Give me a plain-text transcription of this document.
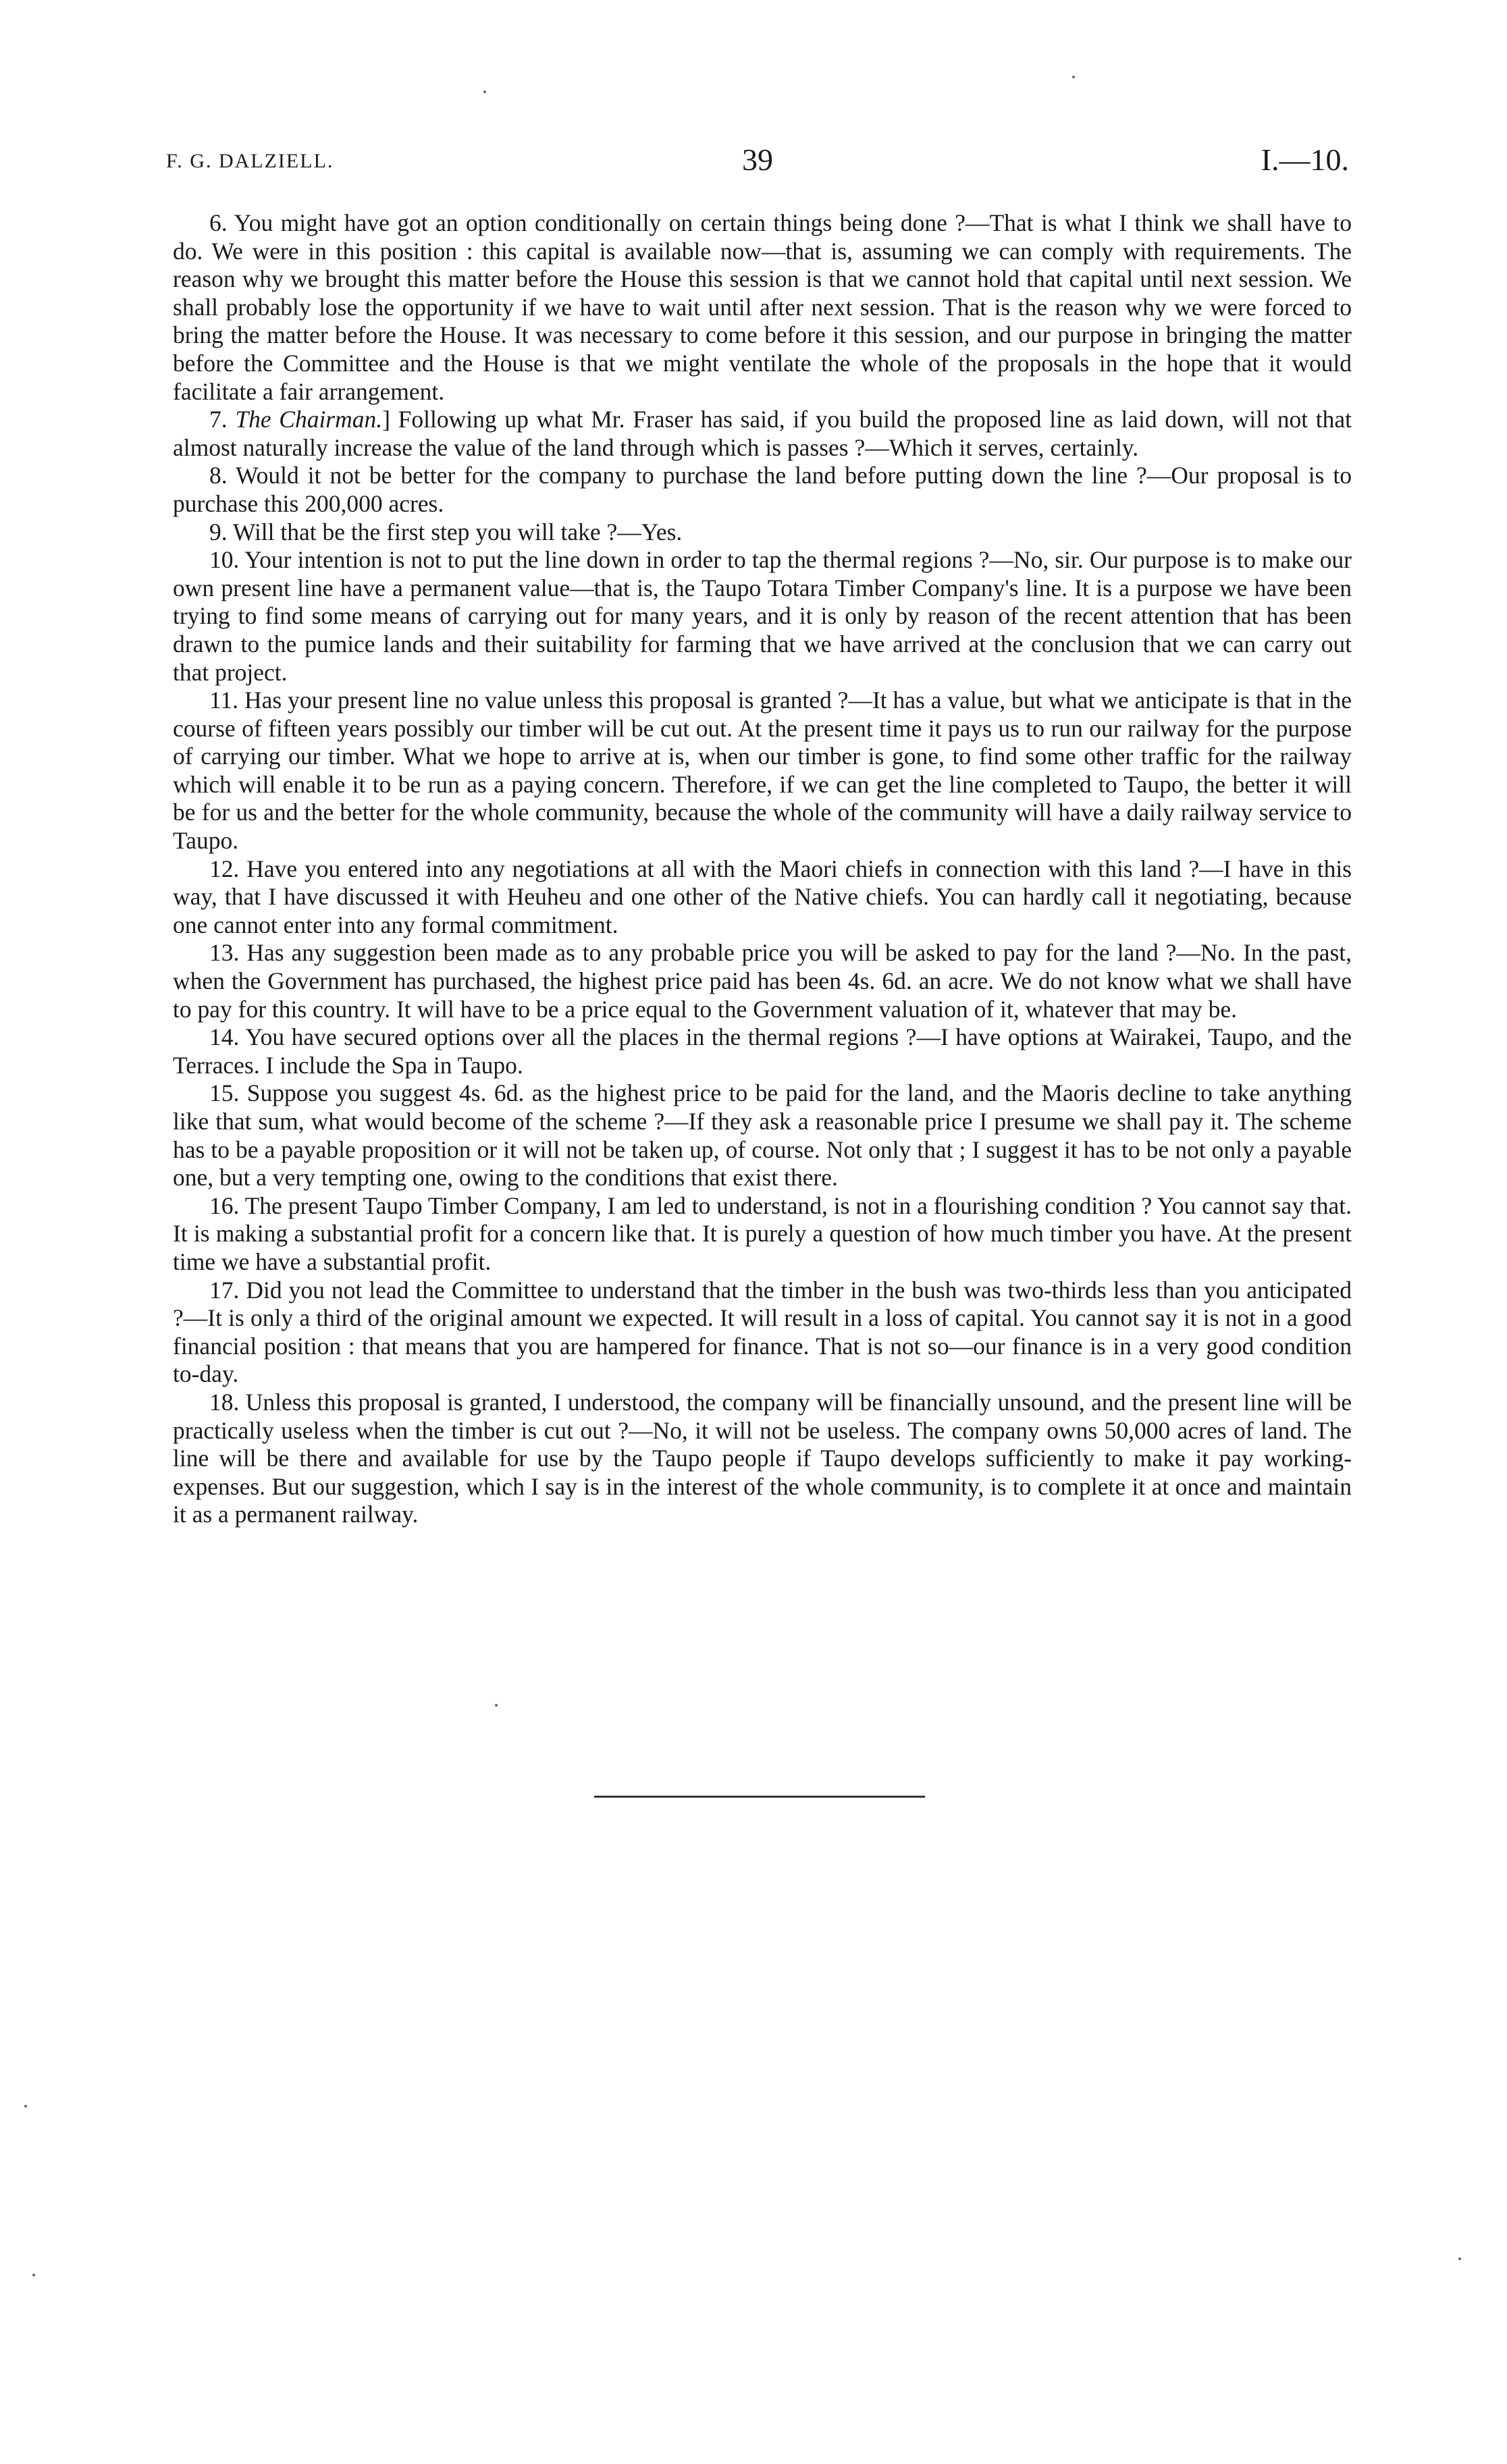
F. G. DALZIELL.	39	I.—10.

6. You might have got an option conditionally on certain things being done ?—That is what I think we shall have to do. We were in this position : this capital is available now—that is, assuming we can comply with requirements. The reason why we brought this matter before the House this session is that we cannot hold that capital until next session. We shall probably lose the opportunity if we have to wait until after next session. That is the reason why we were forced to bring the matter before the House. It was necessary to come before it this session, and our purpose in bringing the matter before the Committee and the House is that we might ventilate the whole of the proposals in the hope that it would facilitate a fair arrangement.

7. The Chairman.] Following up what Mr. Fraser has said, if you build the proposed line as laid down, will not that almost naturally increase the value of the land through which is passes ?—Which it serves, certainly.

8. Would it not be better for the company to purchase the land before putting down the line ?—Our proposal is to purchase this 200,000 acres.

9. Will that be the first step you will take ?—Yes.

10. Your intention is not to put the line down in order to tap the thermal regions ?—No, sir. Our purpose is to make our own present line have a permanent value—that is, the Taupo Totara Timber Company's line. It is a purpose we have been trying to find some means of carrying out for many years, and it is only by reason of the recent attention that has been drawn to the pumice lands and their suitability for farming that we have arrived at the conclusion that we can carry out that project.

11. Has your present line no value unless this proposal is granted ?—It has a value, but what we anticipate is that in the course of fifteen years possibly our timber will be cut out. At the present time it pays us to run our railway for the purpose of carrying our timber. What we hope to arrive at is, when our timber is gone, to find some other traffic for the railway which will enable it to be run as a paying concern. Therefore, if we can get the line completed to Taupo, the better it will be for us and the better for the whole community, because the whole of the community will have a daily railway service to Taupo.

12. Have you entered into any negotiations at all with the Maori chiefs in connection with this land ?—I have in this way, that I have discussed it with Heuheu and one other of the Native chiefs. You can hardly call it negotiating, because one cannot enter into any formal commitment.

13. Has any suggestion been made as to any probable price you will be asked to pay for the land ?—No. In the past, when the Government has purchased, the highest price paid has been 4s. 6d. an acre. We do not know what we shall have to pay for this country. It will have to be a price equal to the Government valuation of it, whatever that may be.

14. You have secured options over all the places in the thermal regions ?—I have options at Wairakei, Taupo, and the Terraces. I include the Spa in Taupo.

15. Suppose you suggest 4s. 6d. as the highest price to be paid for the land, and the Maoris decline to take anything like that sum, what would become of the scheme ?—If they ask a reasonable price I presume we shall pay it. The scheme has to be a payable proposition or it will not be taken up, of course. Not only that ; I suggest it has to be not only a payable one, but a very tempting one, owing to the conditions that exist there.

16. The present Taupo Timber Company, I am led to understand, is not in a flourishing condition ? You cannot say that. It is making a substantial profit for a concern like that. It is purely a question of how much timber you have. At the present time we have a substantial profit.

17. Did you not lead the Committee to understand that the timber in the bush was two-thirds less than you anticipated ?—It is only a third of the original amount we expected. It will result in a loss of capital. You cannot say it is not in a good financial position : that means that you are hampered for finance. That is not so—our finance is in a very good condition to-day.

18. Unless this proposal is granted, I understood, the company will be financially unsound, and the present line will be practically useless when the timber is cut out ?—No, it will not be useless. The company owns 50,000 acres of land. The line will be there and available for use by the Taupo people if Taupo develops sufficiently to make it pay working-expenses. But our suggestion, which I say is in the interest of the whole community, is to complete it at once and maintain it as a permanent railway.
